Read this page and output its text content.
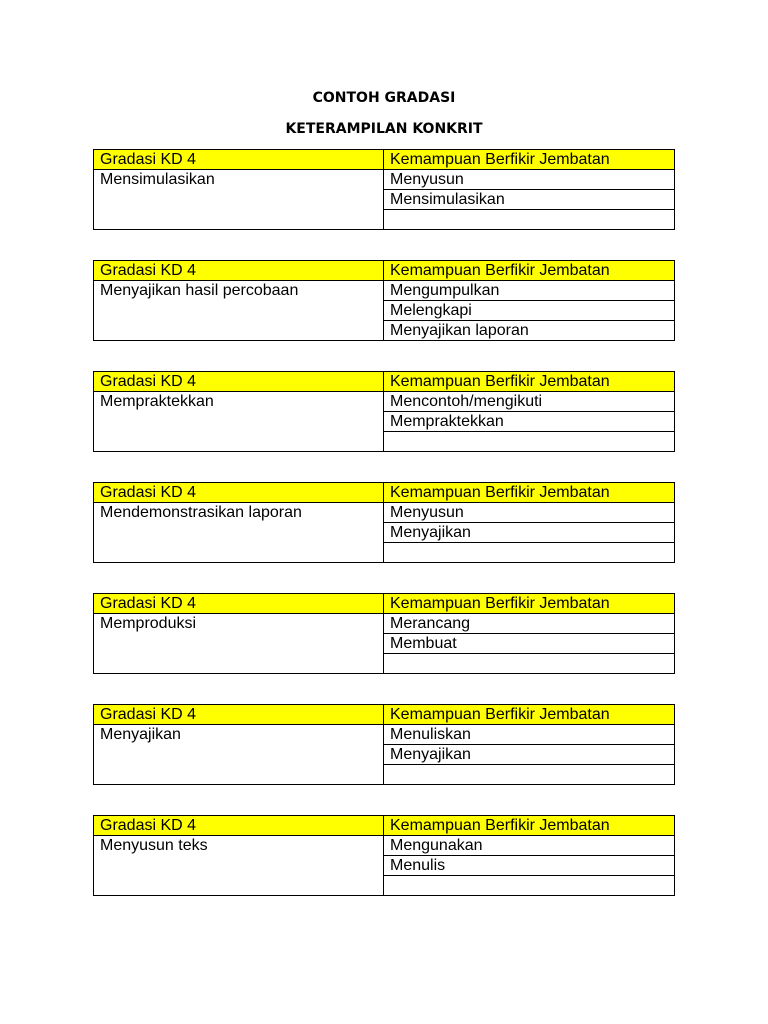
CONTOH GRADASI
KETERAMPILAN KONKRIT
Gradasi KD 4	Kemampuan Berfikir Jembatan
Mensimulasikan	Menyusun
	Mensimulasikan

Gradasi KD 4	Kemampuan Berfikir Jembatan
Menyajikan hasil percobaan	Mengumpulkan
	Melengkapi
	Menyajikan laporan
Gradasi KD 4	Kemampuan Berfikir Jembatan
Mempraktekkan	Mencontoh/mengikuti
	Mempraktekkan

Gradasi KD 4	Kemampuan Berfikir Jembatan
Mendemonstrasikan laporan	Menyusun
	Menyajikan

Gradasi KD 4	Kemampuan Berfikir Jembatan
Memproduksi	Merancang
	Membuat

Gradasi KD 4	Kemampuan Berfikir Jembatan
Menyajikan	Menuliskan
	Menyajikan

Gradasi KD 4	Kemampuan Berfikir Jembatan
Menyusun teks	Mengunakan
	Menulis
